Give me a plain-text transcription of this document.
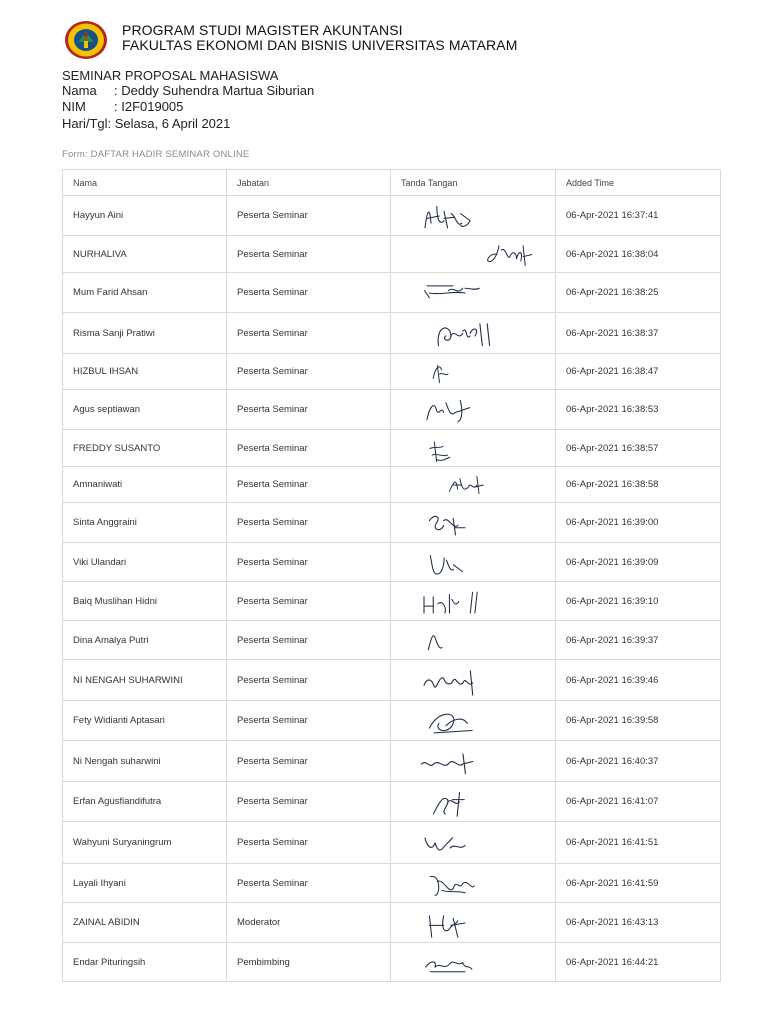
PROGRAM STUDI MAGISTER AKUNTANSI
FAKULTAS EKONOMI DAN BISNIS UNIVERSITAS MATARAM
SEMINAR PROPOSAL MAHASISWA
Nama : Deddy Suhendra Martua Siburian
NIM : I2F019005
Hari/Tgl: Selasa, 6 April 2021
Form: DAFTAR HADIR SEMINAR ONLINE
Nama	Jabatan	Tanda Tangan	Added Time
Hayyun Aini	Peserta Seminar		06-Apr-2021 16:37:41
NURHALIVA	Peserta Seminar		06-Apr-2021 16:38:04
Mum Farid Ahsan	Peserta Seminar		06-Apr-2021 16:38:25
Risma Sanji Pratiwi	Peserta Seminar		06-Apr-2021 16:38:37
HIZBUL IHSAN	Peserta Seminar		06-Apr-2021 16:38:47
Agus septiawan	Peserta Seminar		06-Apr-2021 16:38:53
FREDDY SUSANTO	Peserta Seminar		06-Apr-2021 16:38:57
Amnaniwati	Peserta Seminar		06-Apr-2021 16:38:58
Sinta Anggraini	Peserta Seminar		06-Apr-2021 16:39:00
Viki Ulandari	Peserta Seminar		06-Apr-2021 16:39:09
Baiq Muslihan Hidni	Peserta Seminar		06-Apr-2021 16:39:10
Dina Amalya Putri	Peserta Seminar		06-Apr-2021 16:39:37
NI NENGAH SUHARWINI	Peserta Seminar		06-Apr-2021 16:39:46
Fety Widianti Aptasari	Peserta Seminar		06-Apr-2021 16:39:58
Ni Nengah suharwini	Peserta Seminar		06-Apr-2021 16:40:37
Erfan Agusfiandifutra	Peserta Seminar		06-Apr-2021 16:41:07
Wahyuni Suryaningrum	Peserta Seminar		06-Apr-2021 16:41:51
Layali Ihyani	Peserta Seminar		06-Apr-2021 16:41:59
ZAINAL ABIDIN	Moderator		06-Apr-2021 16:43:13
Endar Pituringsih	Pembimbing		06-Apr-2021 16:44:21
